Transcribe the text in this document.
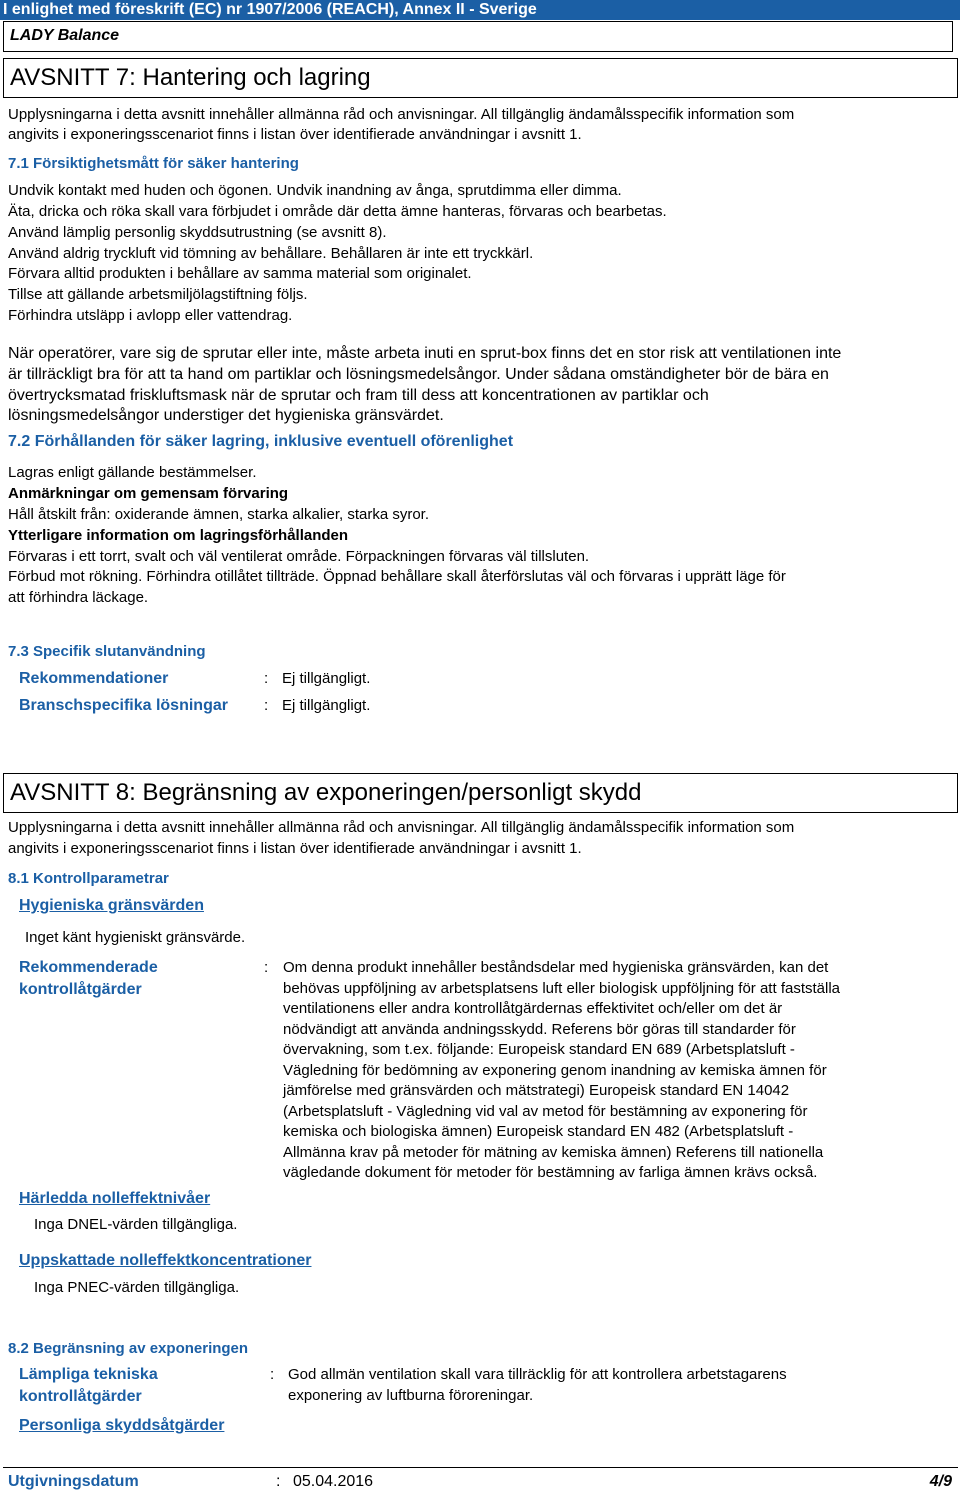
I enlighet med föreskrift (EC) nr 1907/2006 (REACH), Annex II - Sverige
LADY Balance
AVSNITT 7: Hantering och lagring
Upplysningarna i detta avsnitt innehåller allmänna råd och anvisningar. All tillgänglig ändamålsspecifik information som
angivits i exponeringsscenariot finns i listan över identifierade användningar i avsnitt 1.
7.1 Försiktighetsmått för säker hantering
Undvik kontakt med huden och ögonen. Undvik inandning av ånga, sprutdimma eller dimma.
Äta, dricka och röka skall vara förbjudet i område där detta ämne hanteras, förvaras och bearbetas.
Använd lämplig personlig skyddsutrustning (se avsnitt 8).
Använd aldrig tryckluft vid tömning av behållare. Behållaren är inte ett tryckkärl.
Förvara alltid produkten i behållare av samma material som originalet.
Tillse att gällande arbetsmiljölagstiftning följs.
Förhindra utsläpp i avlopp eller vattendrag.
När operatörer, vare sig de sprutar eller inte, måste arbeta inuti en sprut-box finns det en stor risk att ventilationen inte
är tillräckligt bra för att ta hand om partiklar och lösningsmedelsångor. Under sådana omständigheter bör de bära en
övertrycksmatad friskluftsmask när de sprutar och fram till dess att koncentrationen av partiklar och
lösningsmedelsångor understiger det hygieniska gränsvärdet.
7.2 Förhållanden för säker lagring, inklusive eventuell oförenlighet
Lagras enligt gällande bestämmelser.
Anmärkningar om gemensam förvaring
Håll åtskilt från: oxiderande ämnen, starka alkalier, starka syror.
Ytterligare information om lagringsförhållanden
Förvaras i ett torrt, svalt och väl ventilerat område. Förpackningen förvaras väl tillsluten.
Förbud mot rökning. Förhindra otillåtet tillträde. Öppnad behållare skall återförslutas väl och förvaras i upprätt läge för
att förhindra läckage.
7.3 Specifik slutanvändning
Rekommendationer	: Ej tillgängligt.
Branschspecifika lösningar : Ej tillgängligt.
AVSNITT 8: Begränsning av exponeringen/personligt skydd
Upplysningarna i detta avsnitt innehåller allmänna råd och anvisningar. All tillgänglig ändamålsspecifik information som
angivits i exponeringsscenariot finns i listan över identifierade användningar i avsnitt 1.
8.1 Kontrollparametrar
Hygieniska gränsvärden
Inget känt hygieniskt gränsvärde.
Rekommenderade
kontrollåtgärder
: Om denna produkt innehåller beståndsdelar med hygieniska gränsvärden, kan det
behövas uppföljning av arbetsplatsens luft eller biologisk uppföljning för att fastställa
ventilationens eller andra kontrollåtgärdernas effektivitet och/eller om det är
nödvändigt att använda andningsskydd. Referens bör göras till standarder för
övervakning, som t.ex. följande: Europeisk standard EN 689 (Arbetsplatsluft -
Vägledning för bedömning av exponering genom inandning av kemiska ämnen för
jämförelse med gränsvärden och mätstrategi) Europeisk standard EN 14042
(Arbetsplatsluft - Vägledning vid val av metod för bestämning av exponering för
kemiska och biologiska ämnen) Europeisk standard EN 482 (Arbetsplatsluft -
Allmänna krav på metoder för mätning av kemiska ämnen) Referens till nationella
vägledande dokument för metoder för bestämning av farliga ämnen krävs också.
Härledda nolleffektnivåer
Inga DNEL-värden tillgängliga.
Uppskattade nolleffektkoncentrationer
Inga PNEC-värden tillgängliga.
8.2 Begränsning av exponeringen
Lämpliga tekniska
kontrollåtgärder
: God allmän ventilation skall vara tillräcklig för att kontrollera arbetstagarens
exponering av luftburna föroreningar.
Personliga skyddsåtgärder
Utgivningsdatum	: 05.04.2016	4/9
